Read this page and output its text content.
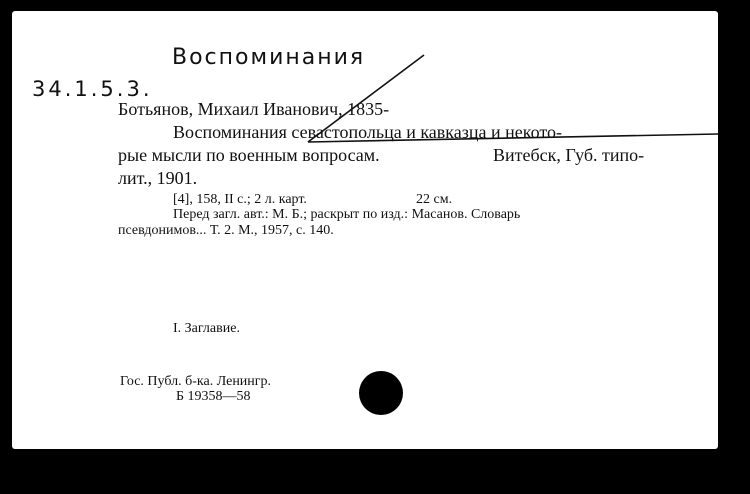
Воспоминания
34.1.5.3.
Ботьянов, Михаил Иванович, 1835-
Воспоминания севастопольца и кавказца и некото-
рые мысли по военным вопросам.	Витебск, Губ. типо-
лит., 1901.
[4], 158, II с.; 2 л. карт.	22 см.
Перед загл. авт.: М. Б.; раскрыт по изд.: Масанов. Словарь
псевдонимов... Т. 2. М., 1957, с. 140.
I. Заглавие.
Гос. Публ. б-ка. Ленингр.
Б 19358—58
